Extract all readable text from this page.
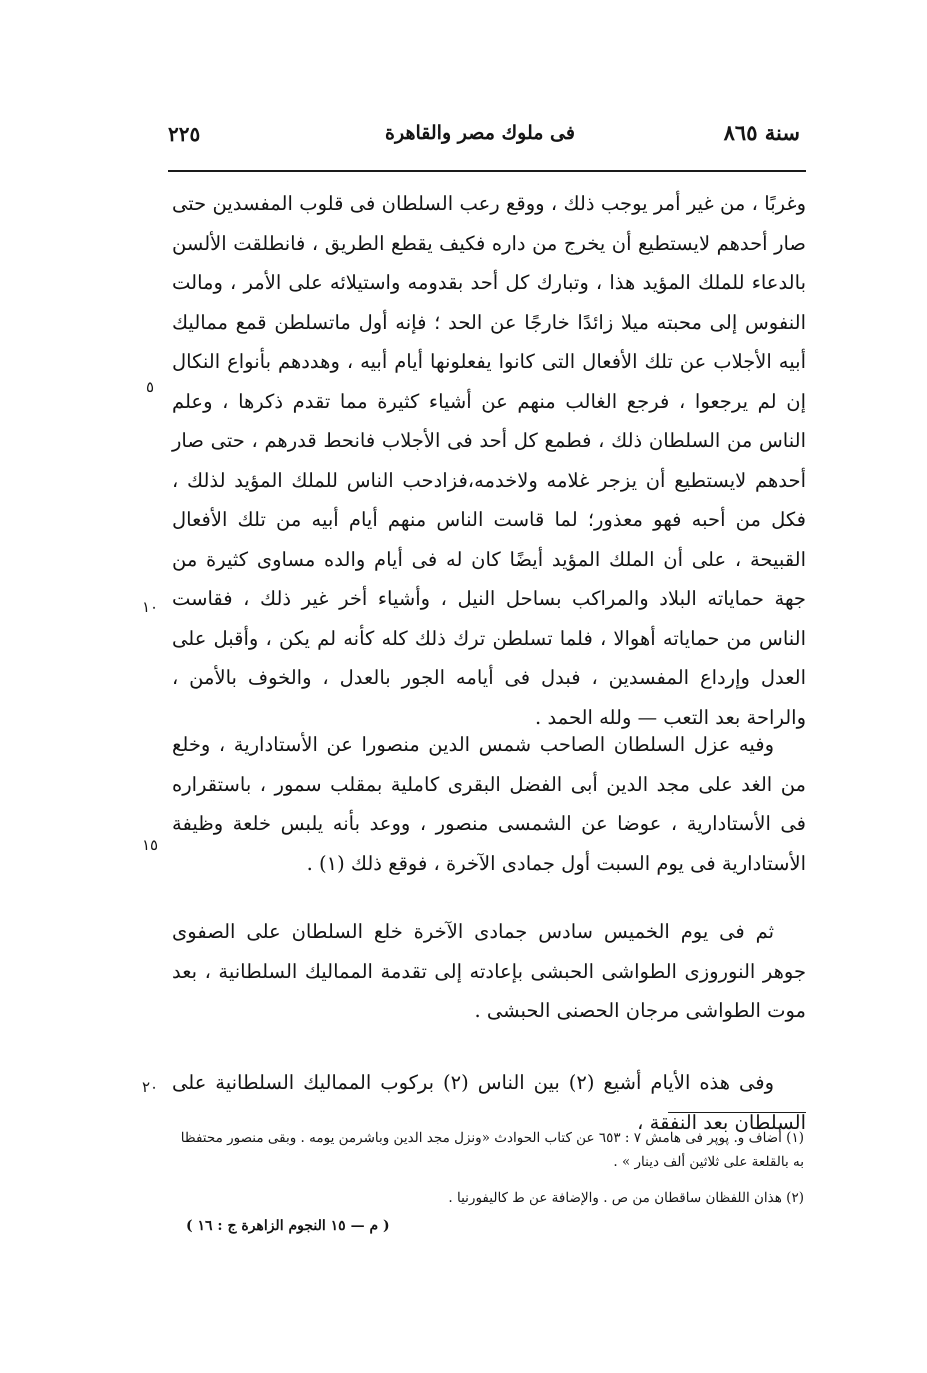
سنة ٨٦٥
فى ملوك مصر والقاهرة
٢٢٥

وغربًا ، من غير أمر يوجب ذلك ، ووقع رعب السلطان فى قلوب المفسدين حتى صار أحدهم لايستطيع أن يخرج من داره فكيف يقطع الطريق ، فانطلقت الألسن بالدعاء للملك المؤيد هذا ، وتبارك كل أحد بقدومه واستيلائه على الأمر ، ومالت النفوس إلى محبته ميلا زائدًا خارجًا عن الحد ؛ فإنه أول ماتسلطن قمع مماليك أبيه الأجلاب عن تلك الأفعال التى كانوا يفعلونها أيام أبيه ، وهددهم بأنواع النكال إن لم يرجعوا ، فرجع الغالب منهم عن أشياء كثيرة مما تقدم ذكرها ، وعلم الناس من السلطان ذلك ، فطمع كل أحد فى الأجلاب فانحط قدرهم ، حتى صار أحدهم لايستطيع أن يزجر غلامه ولاخدمه،فزادحب الناس للملك المؤيد لذلك ، فكل من أحبه فهو معذور؛ لما قاست الناس منهم أيام أبيه من تلك الأفعال القبيحة ، على أن الملك المؤيد أيضًا كان له فى أيام والده مساوى كثيرة من جهة حماياته البلاد والمراكب بساحل النيل ، وأشياء أخر غير ذلك ، فقاست الناس من حماياته أهوالا ، فلما تسلطن ترك ذلك كله كأنه لم يكن ، وأقبل على العدل وإرداع المفسدين ، فبدل فى أيامه الجور بالعدل ، والخوف بالأمن ، والراحة بعد التعب — ولله الحمد .

وفيه عزل السلطان الصاحب شمس الدين منصورا عن الأستادارية ، وخلع من الغد على مجد الدين أبى الفضل البقرى كاملية بمقلب سمور ، باستقراره فى الأستادارية ، عوضا عن الشمسى منصور ، ووعد بأنه يلبس خلعة وظيفة الأستادارية فى يوم السبت أول جمادى الآخرة ، فوقع ذلك (١) .

ثم فى يوم الخميس سادس جمادى الآخرة خلع السلطان على الصفوى جوهر النوروزى الطواشى الحبشى بإعادته إلى تقدمة المماليك السلطانية ، بعد موت الطواشى مرجان الحصنى الحبشى .

وفى هذه الأيام أشيع (٢) بين الناس (٢) بركوب المماليك السلطانية على السلطان بعد النفقة ،

٥
١٠
١٥
٢٠

(١) أضاف و. پوپر فى هامش ٧ : ٦٥٣ عن كتاب الحوادث «ونزل مجد الدين وباشرمن يومه . وبقى منصور محتفظا به بالقلعة على ثلاثين ألف دينار » .

(٢) هذان اللفظان ساقطان من ص . والإضافة عن ط كاليفورنيا .

( م — ١٥ النجوم الزاهرة ج : ١٦ )
